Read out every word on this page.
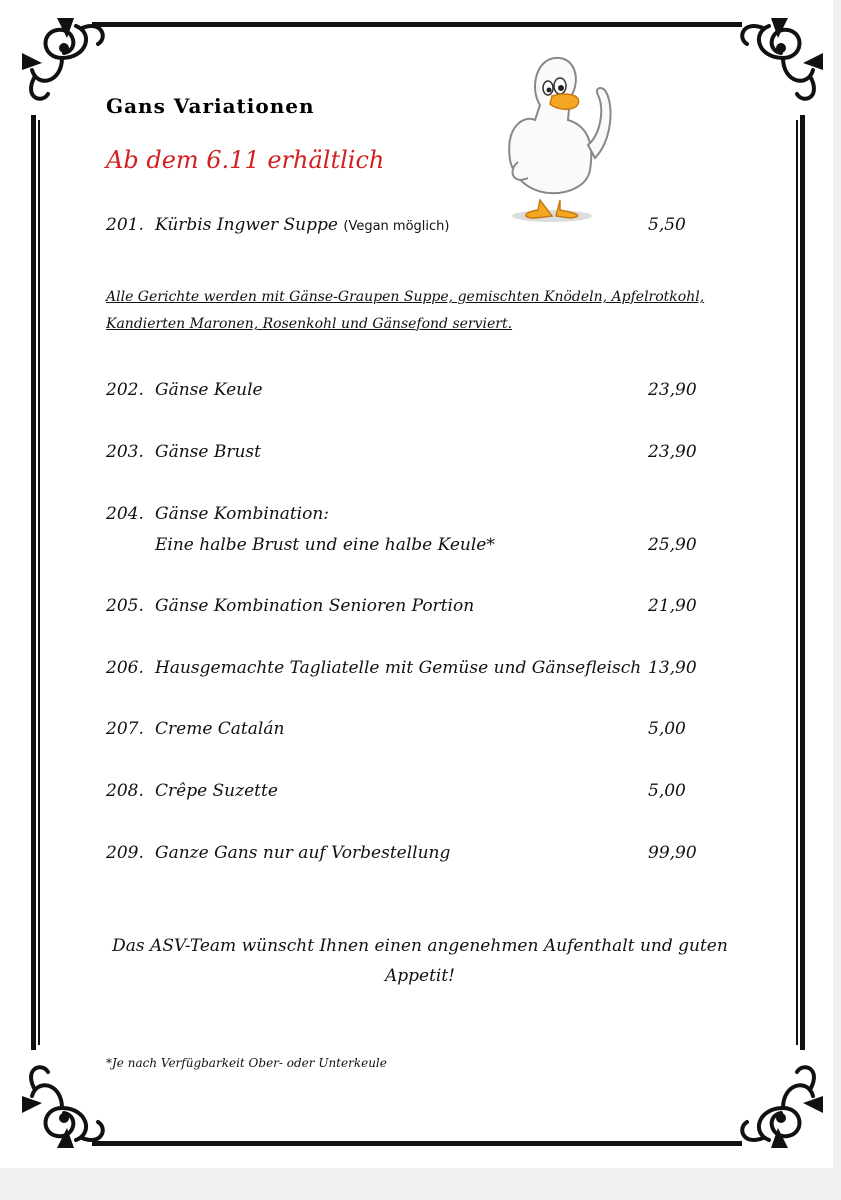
Gans Variationen
Ab dem 6.11 erhältlich
201. Kürbis Ingwer Suppe (Vegan möglich)	5,50
Alle Gerichte werden mit Gänse-Graupen Suppe, gemischten Knödeln, Apfelrotkohl,
Kandierten Maronen, Rosenkohl und Gänsefond serviert.
202. Gänse Keule	23,90
203. Gänse Brust	23,90
204. Gänse Kombination:
Eine halbe Brust und eine halbe Keule*	25,90
205. Gänse Kombination Senioren Portion	21,90
206. Hausgemachte Tagliatelle mit Gemüse und Gänsefleisch 13,90
207. Creme Catalán	5,00
208. Crêpe Suzette	5,00
209. Ganze Gans nur auf Vorbestellung	99,90
Das ASV-Team wünscht Ihnen einen angenehmen Aufenthalt und guten
Appetit!
*Je nach Verfügbarkeit Ober- oder Unterkeule
